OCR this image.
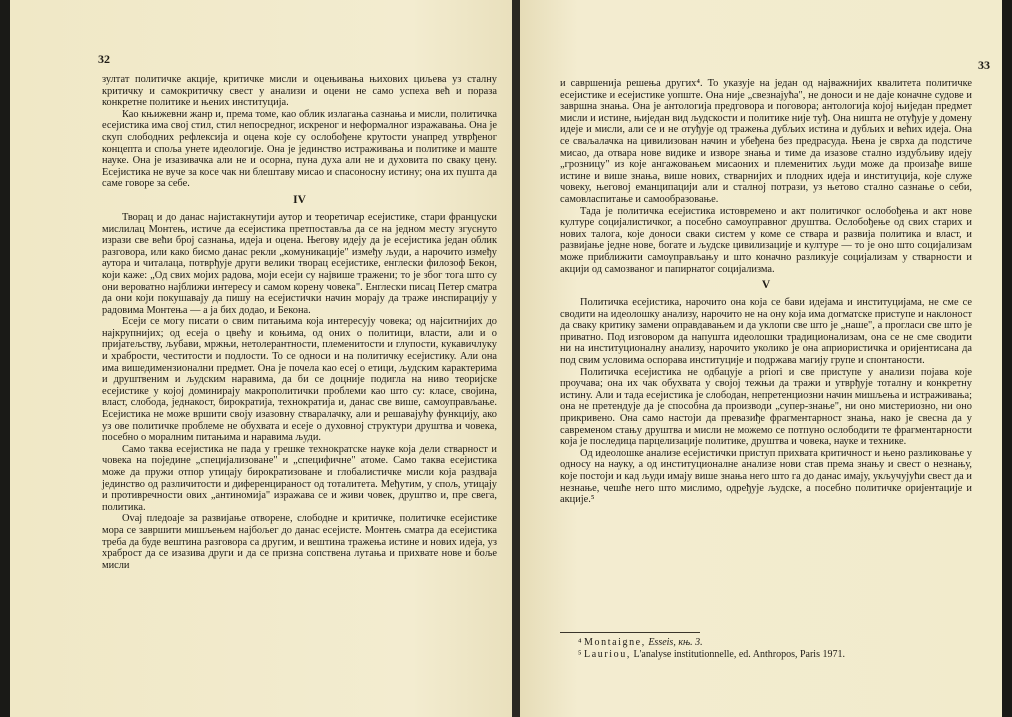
32

зултат политичке акције, критичке мисли и оцењивања њихових циљева уз сталну критичку и самокритичку свест у анализи и оцени не само успеха већ и пораза конкретне политике и њених институција.

Као књижевни жанр и, према томе, као облик излагања сазнања и мисли, политичка есејистика има свој стил, стил непосредног, искреног и неформалног изражавања. Она је скуп слободних рефлексија и оцена које су ослобођене крутости унапред утврђеног концепта и споља унете идеологије. Она је јединство истраживања и политике и маште науке. Она је изазивачка али не и осорна, пуна духа али не и духовита по сваку цену. Есејистика не вуче за косе чак ни блештаву мисао и спасоносну истину; она их пушта да саме говоре за себе.

IV

Творац и до данас најистакнутији аутор и теоретичар есејистике, стари француски мислилац Монтењ, истиче да есејистика претпоставља да се на једном месту згуснуто изрази све већи број сазнања, идеја и оцена. Његову идеју да је есејистика један облик разговора, или како бисмо данас рекли „комуникације" између људи, а нарочито између аутора и читалаца, потврђује други велики творац есејистике, енглески филозоф Бекон, који каже: „Од свих мојих радова, моји есеји су највише тражени; то је због тога што су они вероватно најближи интересу и самом корену човека". Енглески писац Петер сматра да они који покушавају да пишу на есејистички начин морају да траже инспирацију у радовима Монтења — а ја бих додао, и Бекона.

Есеји се могу писати о свим питањима која интересују човека; од најситнијих до најкрупнијих; од есеја о цвећу и коњима, од оних о политици, власти, али и о пријатељству, љубави, мржњи, нетолерантности, племенитости и глупости, кукавичлуку и храбрости, честитости и подлости. То се односи и на политичку есејистику. Али она има вишедимензионални предмет. Она је почела као есеј о етици, људским карактерима и друштвеним и људским наравима, да би се доцније подигла на ниво теоријске есејистике у којој доминирају макрополитички проблеми као што су: класе, својина, власт, слобода, једнакост, бирократија, технократија и, данас све више, самоуправљање. Есејистика не може вршити своју изазовну стваралачку, али и решавајућу функцију, ако уз ове политичке проблеме не обухвата и есеје о духовној структури друштва и човека, посебно о моралним питањима и наравима људи.

Само таква есејистика не пада у грешке технократске науке која дели стварност и човека на поједине „специјализоване" и „специфичне" атоме. Само таква есејистика може да пружи отпор утицају бирократизоване и глобалистичке мисли која раздваја јединство од различитости и диференцираност од тоталитета. Међутим, у спољ, утицају и противречности ових „антиномија" изражава се и живи човек, друштво и, пре свега, политика.

Ovaj пледоаје за развијање отворене, слободне и критичке, политичке есејистике мора се завршити мишљењем најбољег до данас есејисте. Монтењ сматра да есејистика треба да буде вештина разговора са другим, и вештина тражења истине и нових идеја, уз храброст да се изазива други и да се призна сопствена лутања и прихвате нове и боље мисли

33

и савршенија решења других⁴. То указује на један од најважнијих квалитета политичке есејистике и есејистике уопште. Она није „свезнајућа", не доноси и не даје коначне судове и завршна знања. Она је антологија предговора и поговора; антологија којој њиједан предмет мисли и истине, њиједан вид људскости и политике није туђ. Она ништа не отуђује у домену идеје и мисли, али се и не отуђује од тражења дубљих истина и дубљих и већих идеја. Она се сваљалачка на цивилизован начин и убеђена без предрасуда. Њена је сврха да подстиче мисао, да отвара нове видике и изворе знања и тиме да изазове стално издубљиву идеју „грозницу" из које ангажовањем мисаоних и племенитих људи може да произађе више истине и више знања, више нових, стварнијих и плодних идеја и институција, које служе човеку, његовој еманципацији али и сталној потрази, уз њетово стално сазнање о себи, самовласпитање и самообразовање.

Тада је политичка есејистика истовремено и акт политичког ослобођења и акт нове културе социјалистичког, а посебно самоуправног друштва. Ослобођење од свих старих и нових талога, које доноси сваки систем у коме се ствара и развија политика и власт, и развијање једне нове, богате и људске цивилизације и културе — то је оно што социјализам може приближити самоуправљању и што коначно разликује социјализам у стварности и акцији од самозваног и папирнатог социјализма.

V

Политичка есејистика, нарочито она која се бави идејама и институцијама, не сме се сводити на идеолошку анализу, нарочито не на ону која има догматске приступе и наклоност да сваку критику замени оправдавањем и да уклопи све што је „наше", а прогласи све што је приватно. Под изговором да напушта идеолошки традиционализам, она се не сме сводити ни на институционалну анализу, нарочито уколико је она априористичка и оријентисана да под свим условима оспорава институције и подржава магију групе и спонтаности.

Политичка есејистика не одбацује a priori и све приступе у анализи појава које проучава; она их чак обухвата у својој тежњи да тражи и утврђује тоталну и конкретну истину. Али и тада есејистика је слободан, непретенциозни начин мишљења и истраживања; она не претендује да је способна да производи „супер-знање", ни оно мистериозно, ни оно прикривено. Она само настоји да превазиђе фрагментарност знања, нако је свесна да у савременом стању друштва и мисли не можемо се потпуно ослободити те фрагментарности која је последица парцелизације политике, друштва и човека, науке и технике.

Од идеолошке анализе есејистички приступ прихвата критичност и њено разликовање у односу на науку, а од институционалне анализе нови став према знању и свест о незнању, које постоји и кад људи имају више знања него што га до данас имају, укључујући свест да и незнање, чешће него што мислимо, одређује људске, а посебно политичке оријентације и акције.⁵

⁴ Montaigne, Esseis, књ. 3.

⁵ Lauriou, L'analyse institutionnelle, ed. Anthropos, Paris 1971.
